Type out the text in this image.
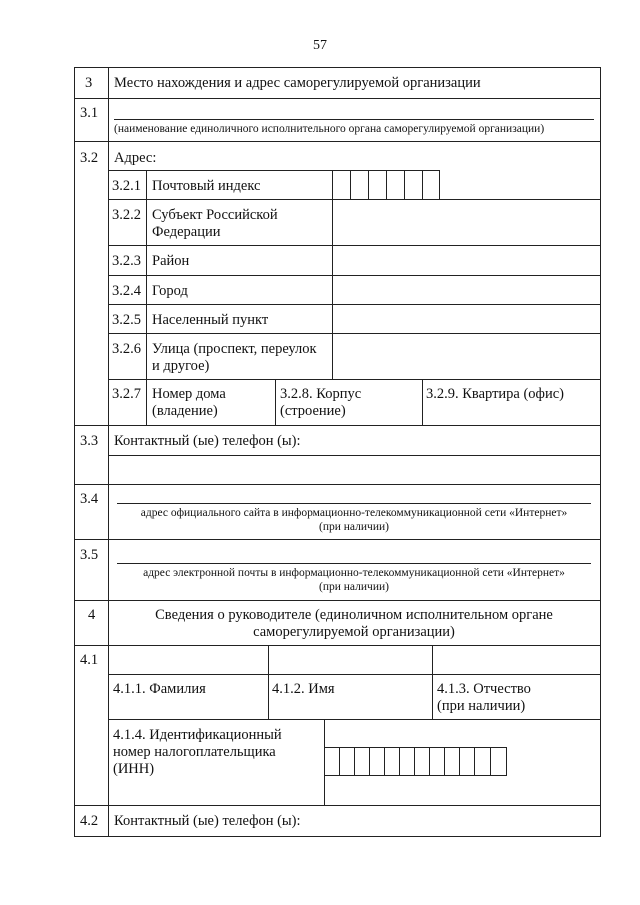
57
3 Место нахождения и адрес саморегулируемой организации
3.1
(наименование единоличного исполнительного органа саморегулируемой организации)
3.2 Адрес:
3.2.1 Почтовый индекс
3.2.2 Субъект Российской
Федерации
3.2.3 Район
3.2.4 Город
3.2.5 Населенный пункт
3.2.6 Улица (проспект, переулок
и другое)
3.2.7 Номер дома
(владение)
3.2.8. Корпус
(строение)
3.2.9. Квартира (офис)
3.3 Контактный (ые) телефон (ы):
3.4
адрес официального сайта в информационно-телекоммуникационной сети «Интернет»
(при наличии)
3.5
адрес электронной почты в информационно-телекоммуникационной сети «Интернет»
(при наличии)
4	Сведения о руководителе (единоличном исполнительном органе
саморегулируемой организации)
4.1
4.1.1. Фамилия	4.1.2. Имя	4.1.3. Отчество
(при наличии)
4.1.4. Идентификационный
номер налогоплательщика
(ИНН)
4.2 Контактный (ые) телефон (ы):
